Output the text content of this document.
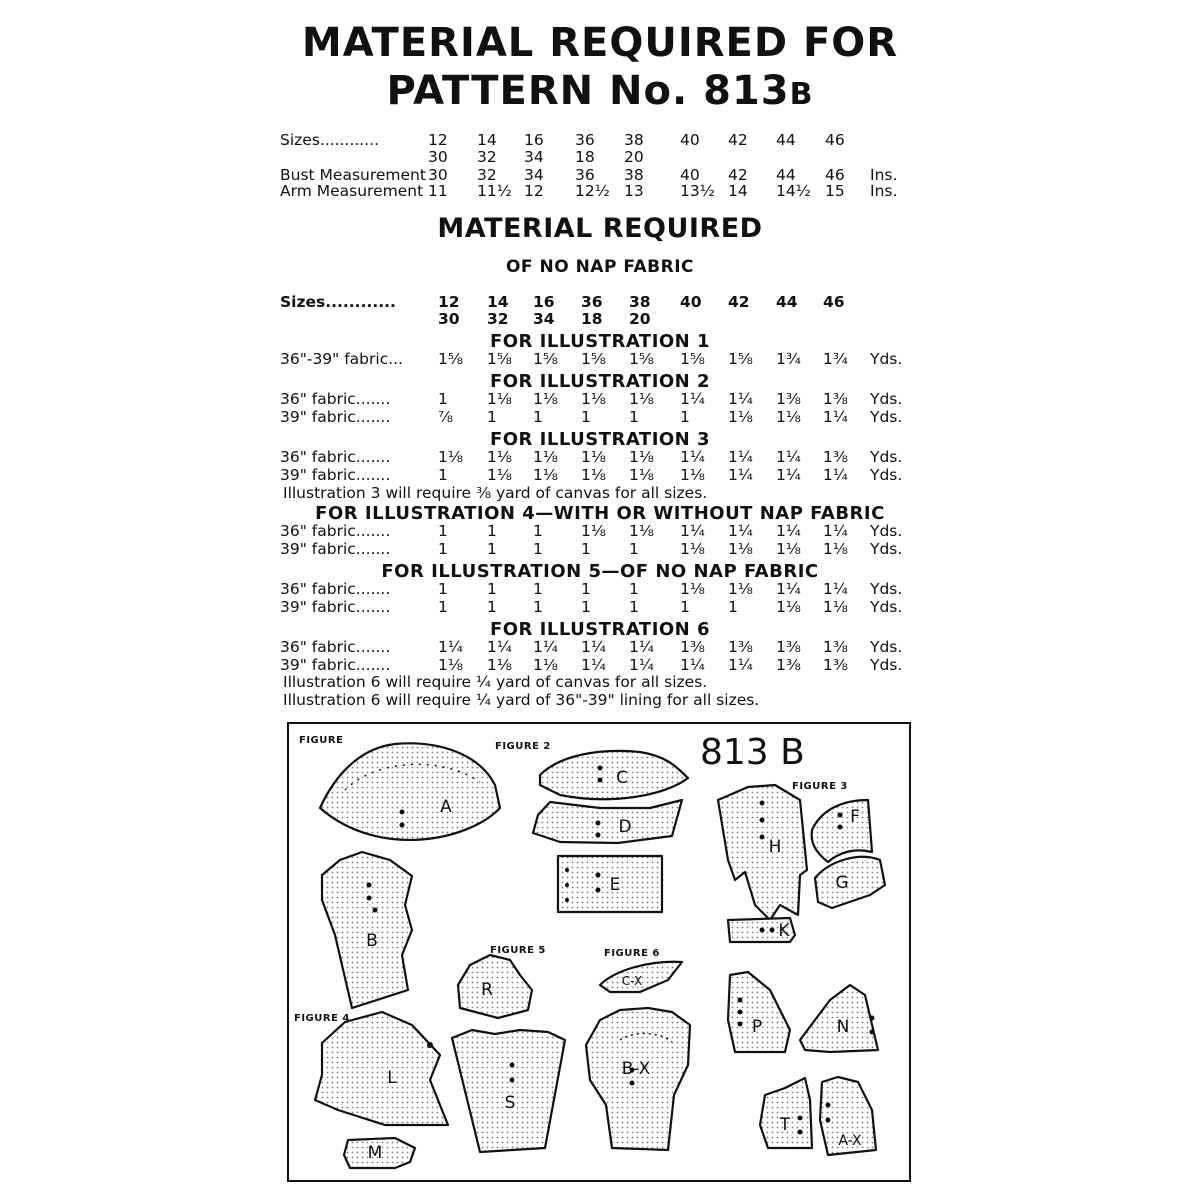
MATERIAL REQUIRED FOR
PATTERN No. 813B
Sizes............	12 14 16 36 38 40 42 44 46
30 32 34 18 20
Bust Measurement 30 32 34 36 38 40 42 44 46 Ins.
Arm Measurement 11 11½ 12 12½ 13 13½ 14 14½ 15 Ins.
MATERIAL REQUIRED
OF NO NAP FABRIC
Sizes............	12 14 16 36 38 40 42 44 46
30 32 34 18 20
FOR ILLUSTRATION 1
36"-39" fabric... 1⅝ 1⅝ 1⅝ 1⅝ 1⅝ 1⅝ 1⅝ 1¾ 1¾ Yds.
FOR ILLUSTRATION 2
36" fabric.......	1	1⅛ 1⅛ 1⅛ 1⅛ 1¼ 1¼ 1⅜ 1⅜ Yds.
39" fabric.......	⅞ 1 1 1 1	1 1⅛ 1⅛ 1¼ Yds.
FOR ILLUSTRATION 3
36" fabric.......	1⅛ 1⅛ 1⅛ 1⅛ 1⅛ 1¼ 1¼ 1¼ 1⅜ Yds.
39" fabric.......	1	1⅛ 1⅛ 1⅛ 1⅛ 1⅛ 1¼ 1¼ 1¼ Yds.
Illustration 3 will require ⅜ yard of canvas for all sizes.
FOR ILLUSTRATION 4—WITH OR WITHOUT NAP FABRIC
36" fabric.......	1	1 1 1⅛ 1⅛ 1¼ 1¼ 1¼ 1¼ Yds.
39" fabric.......	1	1 1 1 1	1⅛ 1⅛ 1⅛ 1⅛ Yds.
FOR ILLUSTRATION 5—OF NO NAP FABRIC
36" fabric.......	1	1 1 1 1	1⅛ 1⅛ 1¼ 1¼ Yds.
39" fabric.......	1	1 1 1 1	1 1 1⅛ 1⅛ Yds.
FOR ILLUSTRATION 6
36" fabric.......	1¼ 1¼ 1¼ 1¼ 1¼ 1⅜ 1⅜ 1⅜ 1⅜ Yds.
39" fabric.......	1⅛ 1⅛ 1⅛ 1¼ 1¼ 1¼ 1¼ 1⅜ 1⅜ Yds.
Illustration 6 will require ¼ yard of canvas for all sizes.
Illustration 6 will require ¼ yard of 36"-39" lining for all sizes.
813 B
FIGURE
FIGURE 2
FIGURE 3
FIGURE 4
FIGURE 5	FIGURE 6
A
B
C
D
E
H
F
G
K
R
L
M
S
C-X
B-X
P	N
T
A-X
